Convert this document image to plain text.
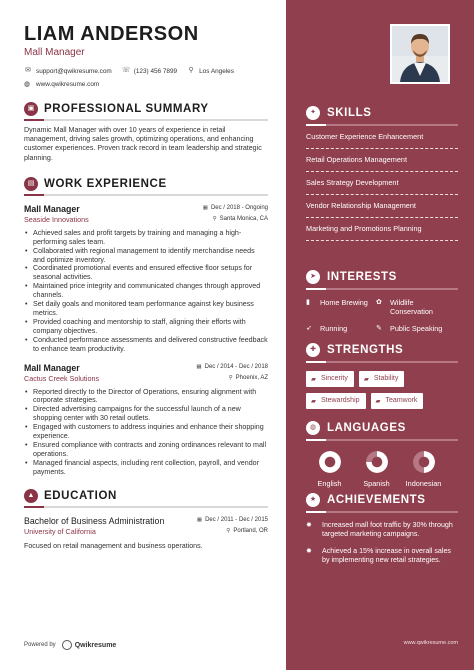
LIAM ANDERSON
Mall Manager
✉ support@qwikresume.com ☏ (123) 456 7899 ⚲ Los Angeles
◍ www.qwikresume.com
▣ PROFESSIONAL SUMMARY
Dynamic Mall Manager with over 10 years of experience in retail management, driving sales growth, optimizing operations, and enhancing customer experiences. Proven track record in team leadership and strategic planning.
▤ WORK EXPERIENCE
Mall Manager	▦ Dec / 2018 - Ongoing
Seaside Innovations	⚲ Santa Monica, CA
• Achieved sales and profit targets by training and managing a high-performing sales team.
• Collaborated with regional management to identify merchandise needs and optimize inventory.
• Coordinated promotional events and ensured effective floor setups for seasonal activities.
• Maintained price integrity and communicated changes through approved channels.
• Set daily goals and monitored team performance against key business metrics.
• Provided coaching and mentorship to staff, aligning their efforts with company objectives.
• Conducted performance assessments and delivered constructive feedback to enhance team productivity.
Mall Manager	▦ Dec / 2014 - Dec / 2018
Cactus Creek Solutions	⚲ Phoenix, AZ
• Reported directly to the Director of Operations, ensuring alignment with corporate strategies.
• Directed advertising campaigns for the successful launch of a new shopping center with 30 retail outlets.
• Engaged with customers to address inquiries and enhance their shopping experience.
• Ensured compliance with contracts and zoning ordinances relevant to mall operations.
• Managed financial aspects, including rent collection, payroll, and vendor payments.
▲ EDUCATION
Bachelor of Business Administration	▦ Dec / 2011 - Dec / 2015
University of California	⚲ Portland, OR
Focused on retail management and business operations.
Powered by	Qwikresume
✦ SKILLS
Customer Experience Enhancement
Retail Operations Management
Sales Strategy Development
Vendor Relationship Management
Marketing and Promotions Planning
➤ INTERESTS
▮	Home Brewing ✿ Wildlife Conservation
➶ Running	✎ Public Speaking
✚ STRENGTHS
▰ Sincerity ▰ Stability
▰ Stewardship ▰ Teamwork
◍ LANGUAGES
English	Spanish	Indonesian
★ ACHIEVEMENTS
✸	Increased mall foot traffic by 30% through targeted marketing campaigns.
✸	Achieved a 15% increase in overall sales by implementing new retail strategies.
www.qwikresume.com
